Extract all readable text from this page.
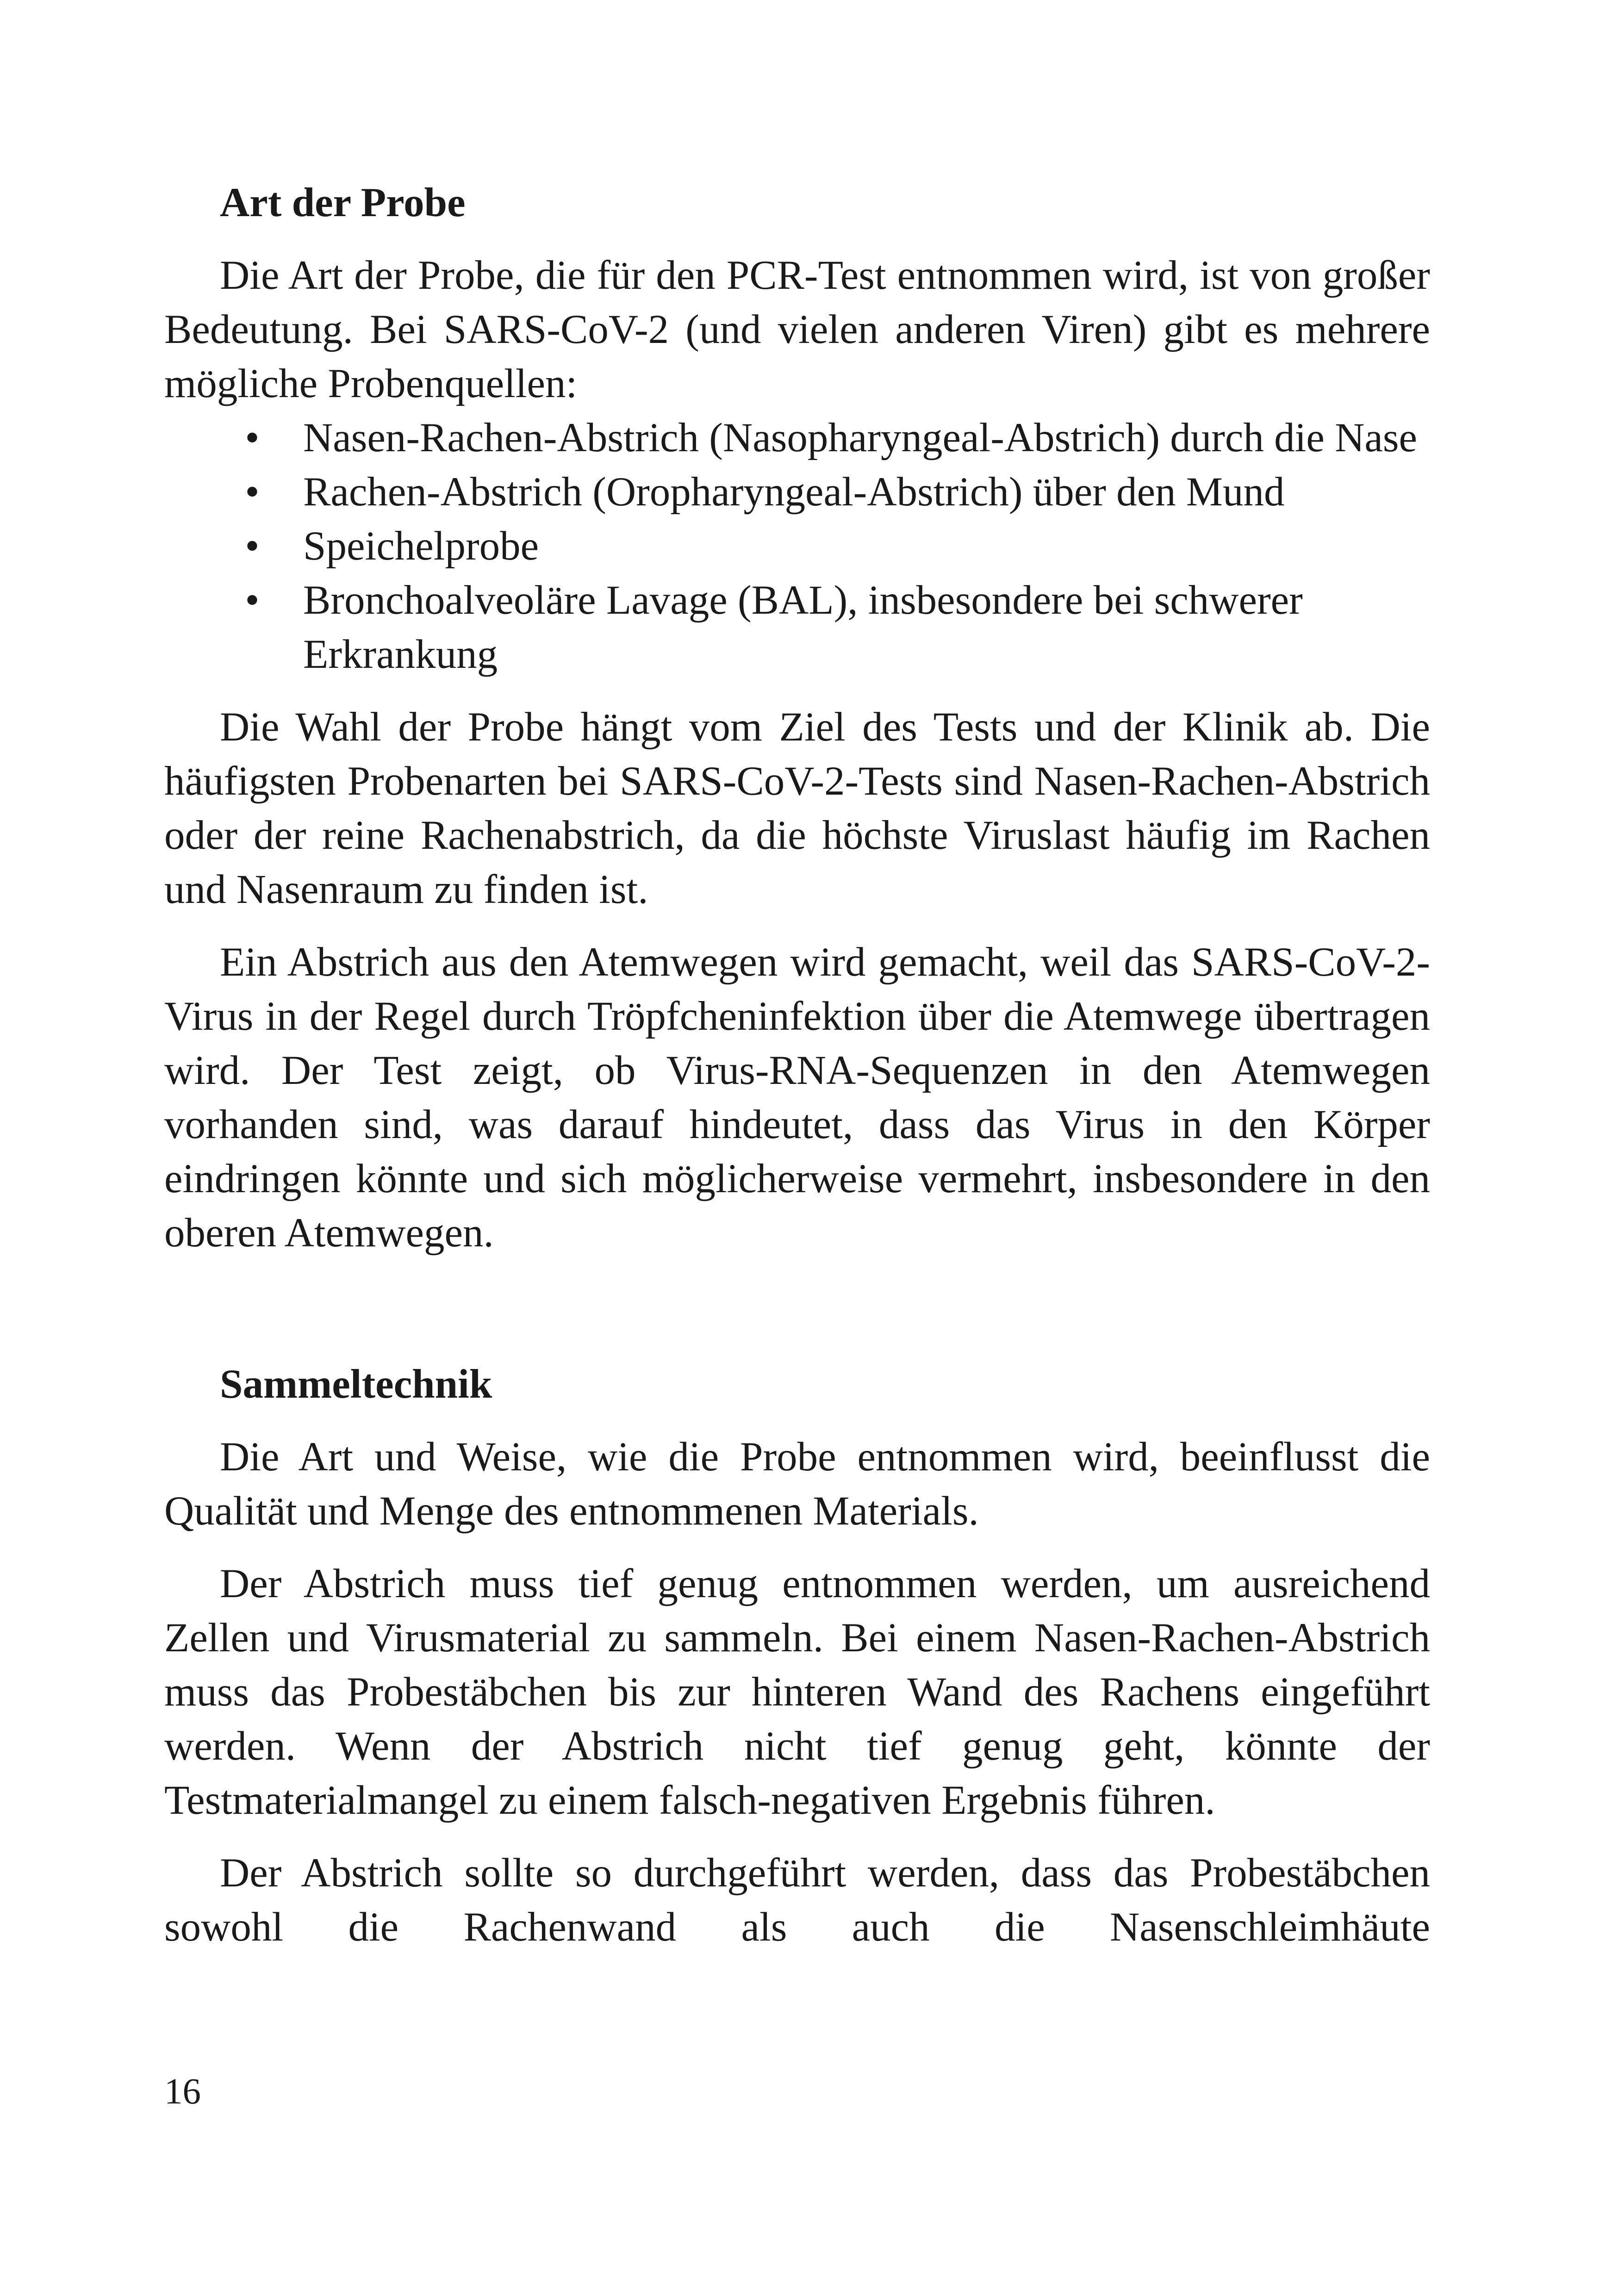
Art der Probe

Die Art der Probe, die für den PCR-Test entnommen wird, ist von großer Bedeutung. Bei SARS-CoV-2 (und vielen anderen Viren) gibt es mehrere mögliche Probenquellen:

• Nasen-Rachen-Abstrich (Nasopharyngeal-Abstrich) durch die Nase
• Rachen-Abstrich (Oropharyngeal-Abstrich) über den Mund
• Speichelprobe
• Bronchoalveoläre Lavage (BAL), insbesondere bei schwerer Erkrankung

Die Wahl der Probe hängt vom Ziel des Tests und der Klinik ab. Die häufigsten Probenarten bei SARS-CoV-2-Tests sind Nasen-Rachen-Abstrich oder der reine Rachenabstrich, da die höchste Viruslast häufig im Rachen und Nasenraum zu finden ist.

Ein Abstrich aus den Atemwegen wird gemacht, weil das SARS-CoV-2-Virus in der Regel durch Tröpfcheninfektion über die Atemwege übertragen wird. Der Test zeigt, ob Virus-RNA-Sequenzen in den Atemwegen vorhanden sind, was darauf hindeutet, dass das Virus in den Körper eindringen könnte und sich möglicherweise vermehrt, insbesondere in den oberen Atemwegen.

Sammeltechnik

Die Art und Weise, wie die Probe entnommen wird, beeinflusst die Qualität und Menge des entnommenen Materials.

Der Abstrich muss tief genug entnommen werden, um ausreichend Zellen und Virusmaterial zu sammeln. Bei einem Nasen-Rachen-Abstrich muss das Probestäbchen bis zur hinteren Wand des Rachens eingeführt werden. Wenn der Abstrich nicht tief genug geht, könnte der Testmaterialmangel zu einem falsch-negativen Ergebnis führen.

Der Abstrich sollte so durchgeführt werden, dass das Probestäbchen sowohl die Rachenwand als auch die Nasenschleimhäute

16
